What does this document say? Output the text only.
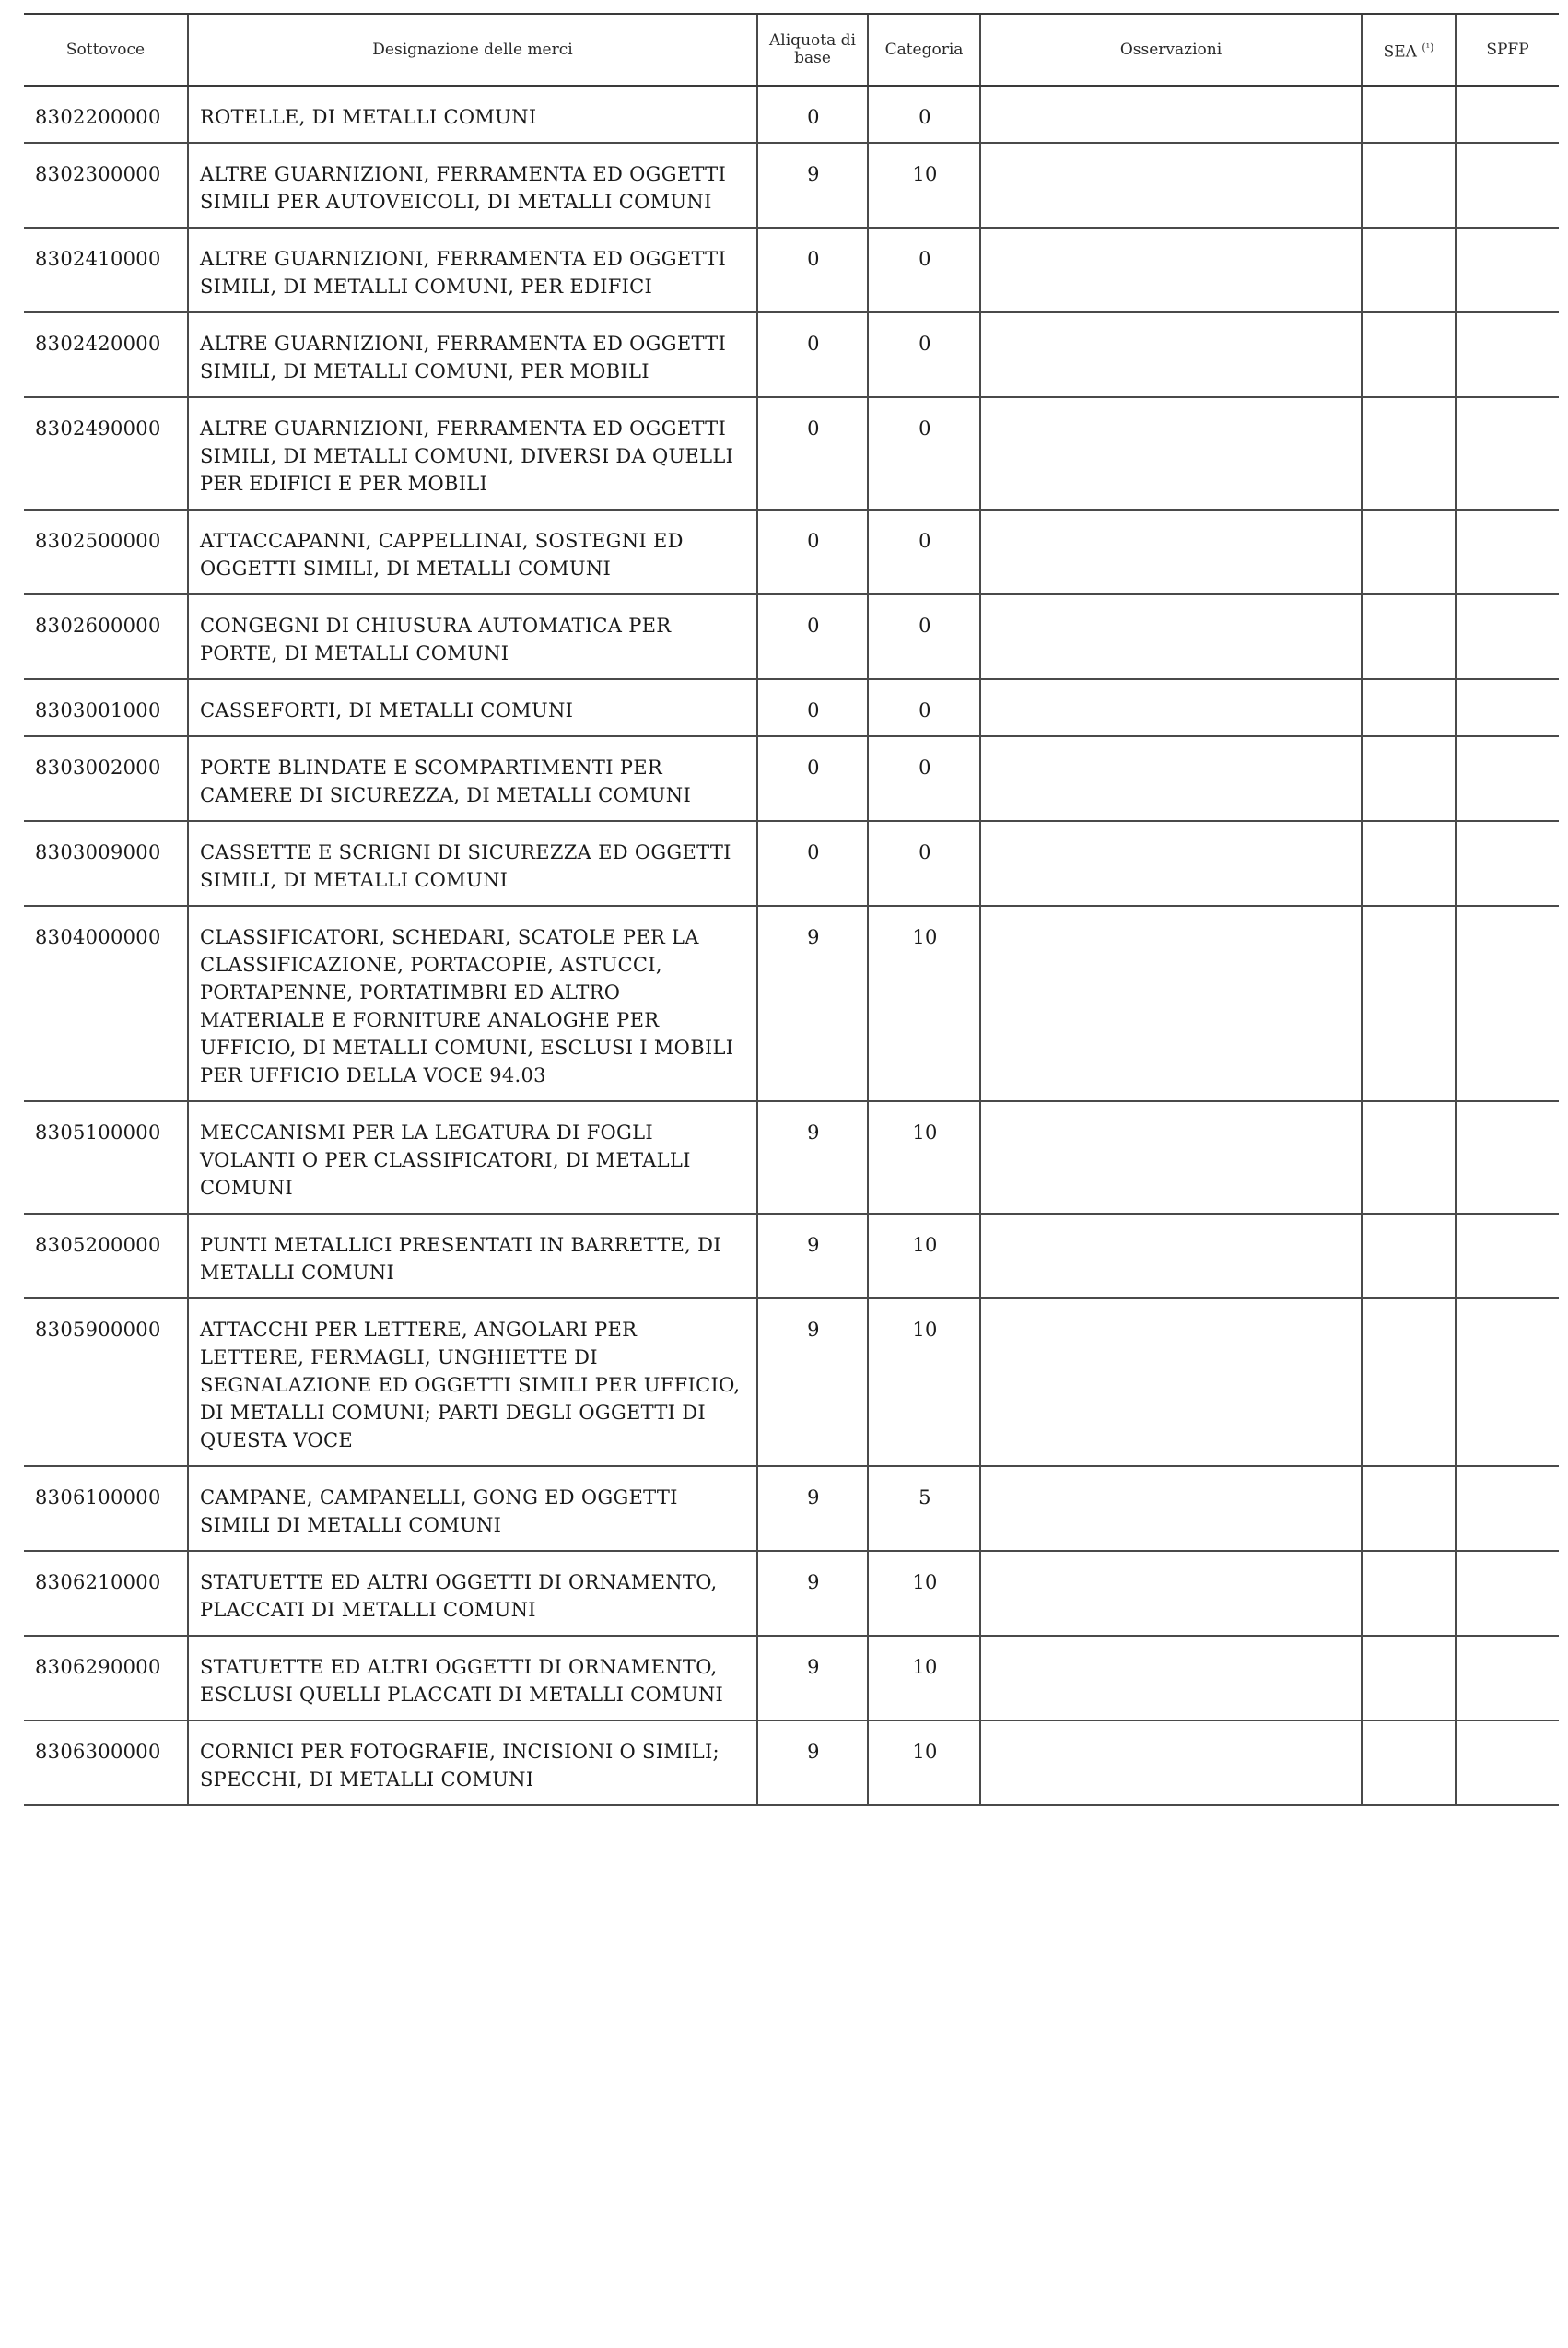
Sottovoce	Designazione delle merci	Aliquota di base	Categoria	Osservazioni	SEA $^{(^1)}$	SPFP
8302200000	ROTELLE, DI METALLI COMUNI	0	0			
8302300000	ALTRE GUARNIZIONI, FERRAMENTA ED OGGETTI SIMILI PER AUTOVEICOLI, DI METALLI COMUNI	9	10			
8302410000	ALTRE GUARNIZIONI, FERRAMENTA ED OGGETTI SIMILI, DI METALLI COMUNI, PER EDIFICI	0	0			
8302420000	ALTRE GUARNIZIONI, FERRAMENTA ED OGGETTI SIMILI, DI METALLI COMUNI, PER MOBILI	0	0			
8302490000	ALTRE GUARNIZIONI, FERRAMENTA ED OGGETTI SIMILI, DI METALLI COMUNI, DIVERSI DA QUELLI PER EDIFICI E PER MOBILI	0	0			
8302500000	ATTACCAPANNI, CAPPELLINAI, SOSTEGNI ED OGGETTI SIMILI, DI METALLI COMUNI	0	0			
8302600000	CONGEGNI DI CHIUSURA AUTOMATICA PER PORTE, DI METALLI COMUNI	0	0			
8303001000	CASSEFORTI, DI METALLI COMUNI	0	0			
8303002000	PORTE BLINDATE E SCOMPARTIMENTI PER CAMERE DI SICUREZZA, DI METALLI COMUNI	0	0			
8303009000	CASSETTE E SCRIGNI DI SICUREZZA ED OGGETTI SIMILI, DI METALLI COMUNI	0	0			
8304000000	CLASSIFICATORI, SCHEDARI, SCATOLE PER LA CLASSIFICAZIONE, PORTACOPIE, ASTUCCI, PORTAPENNE, PORTATIMBRI ED ALTRO MATERIALE E FORNITURE ANALOGHE PER UFFICIO, DI METALLI COMUNI, ESCLUSI I MOBILI PER UFFICIO DELLA VOCE 94.03	9	10			
8305100000	MECCANISMI PER LA LEGATURA DI FOGLI VOLANTI O PER CLASSIFICATORI, DI METALLI COMUNI	9	10			
8305200000	PUNTI METALLICI PRESENTATI IN BARRETTE, DI METALLI COMUNI	9	10			
8305900000	ATTACCHI PER LETTERE, ANGOLARI PER LETTERE, FERMAGLI, UNGHIETTE DI SEGNALAZIONE ED OGGETTI SIMILI PER UFFICIO, DI METALLI COMUNI; PARTI DEGLI OGGETTI DI QUESTA VOCE	9	10			
8306100000	CAMPANE, CAMPANELLI, GONG ED OGGETTI SIMILI DI METALLI COMUNI	9	5			
8306210000	STATUETTE ED ALTRI OGGETTI DI ORNAMENTO, PLACCATI DI METALLI COMUNI	9	10			
8306290000	STATUETTE ED ALTRI OGGETTI DI ORNAMENTO, ESCLUSI QUELLI PLACCATI DI METALLI COMUNI	9	10			
8306300000	CORNICI PER FOTOGRAFIE, INCISIONI O SIMILI; SPECCHI, DI METALLI COMUNI	9	10			
